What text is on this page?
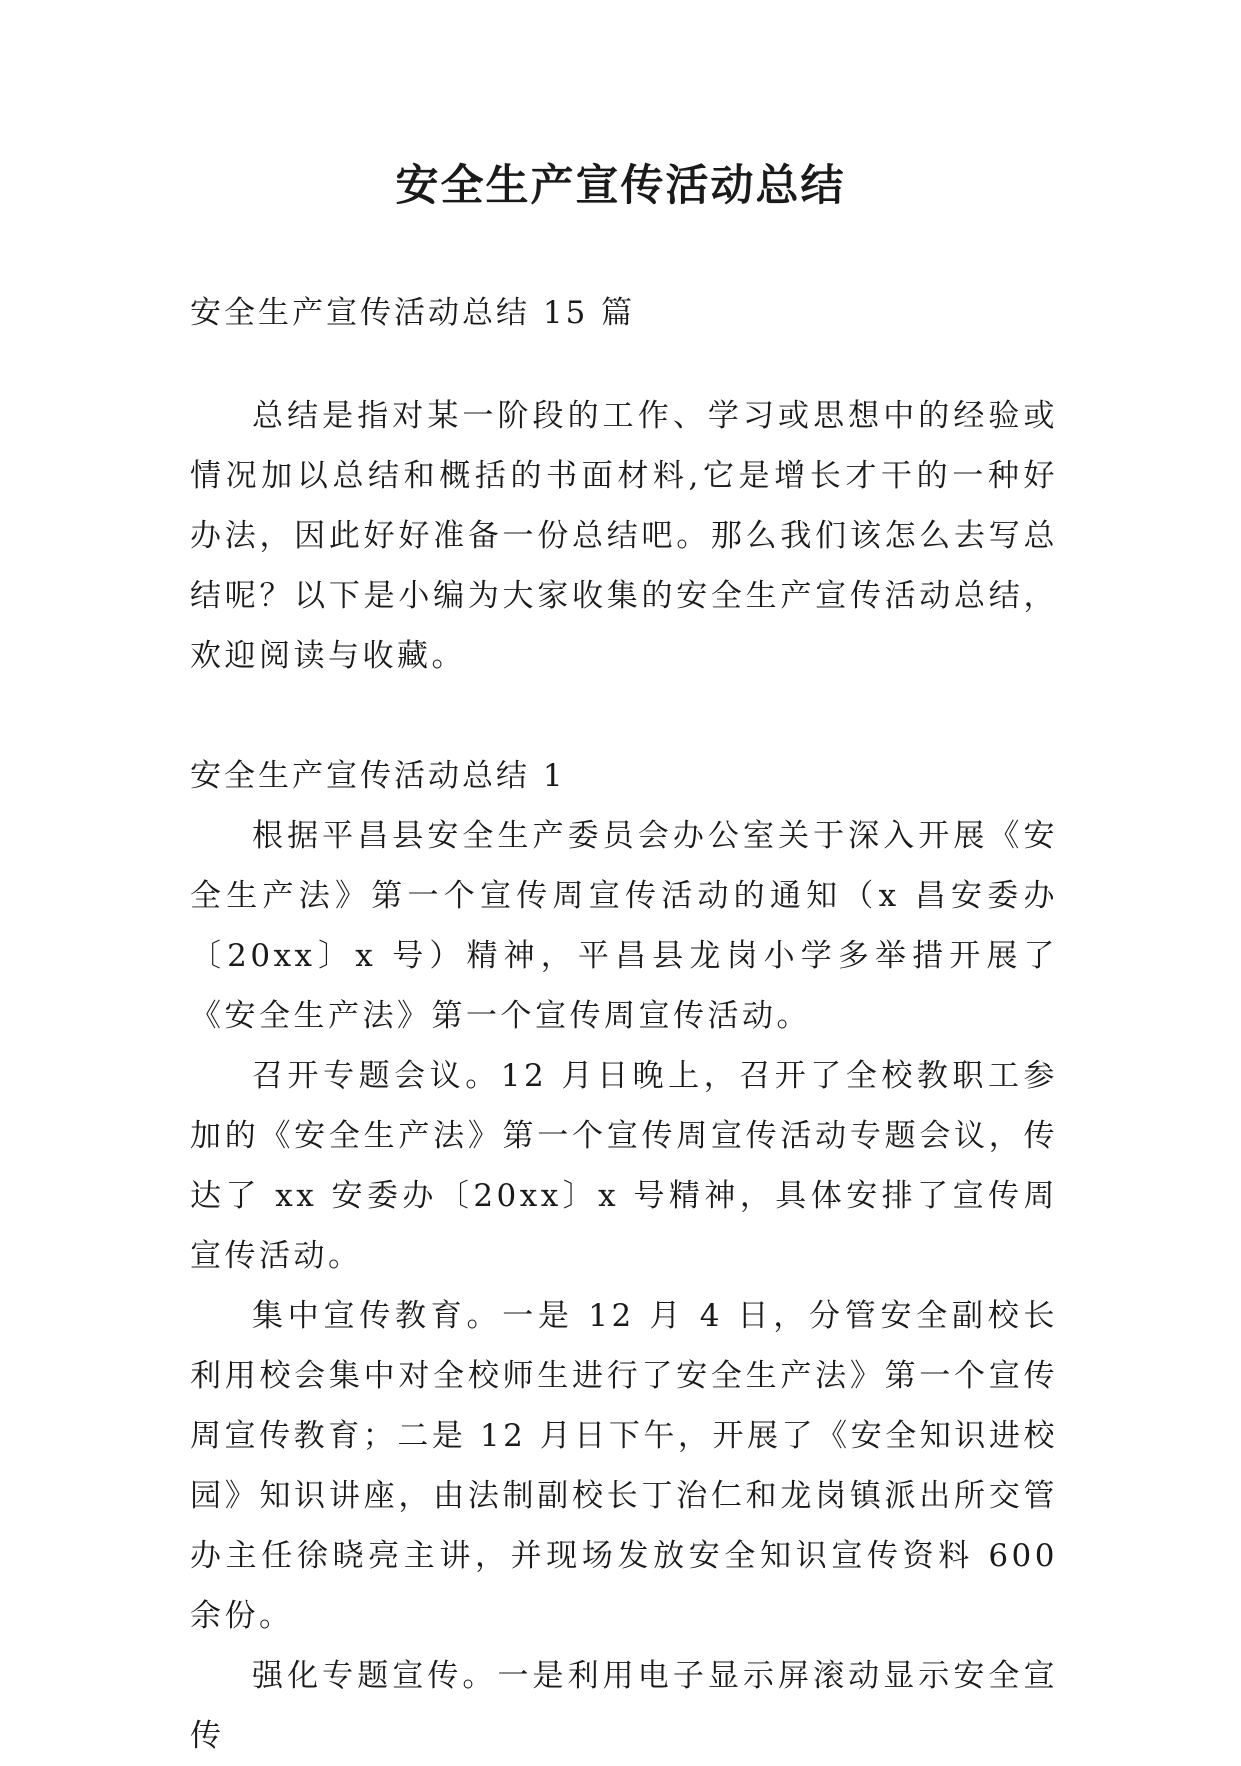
安全生产宣传活动总结

安全生产宣传活动总结 15 篇

总结是指对某一阶段的工作、学习或思想中的经验或情况加以总结和概括的书面材料,它是增长才干的一种好办法，因此好好准备一份总结吧。那么我们该怎么去写总结呢？以下是小编为大家收集的安全生产宣传活动总结，欢迎阅读与收藏。

安全生产宣传活动总结 1

根据平昌县安全生产委员会办公室关于深入开展《安全生产法》第一个宣传周宣传活动的通知（x 昌安委办〔20xx〕x 号）精神，平昌县龙岗小学多举措开展了《安全生产法》第一个宣传周宣传活动。

召开专题会议。12 月日晚上，召开了全校教职工参加的《安全生产法》第一个宣传周宣传活动专题会议，传达了 xx 安委办〔20xx〕x 号精神，具体安排了宣传周宣传活动。

集中宣传教育。一是 12 月 4 日，分管安全副校长利用校会集中对全校师生进行了安全生产法》第一个宣传周宣传教育；二是 12 月日下午，开展了《安全知识进校园》知识讲座，由法制副校长丁治仁和龙岗镇派出所交管办主任徐晓亮主讲，并现场发放安全知识宣传资料 600 余份。

强化专题宣传。一是利用电子显示屏滚动显示安全宣传
